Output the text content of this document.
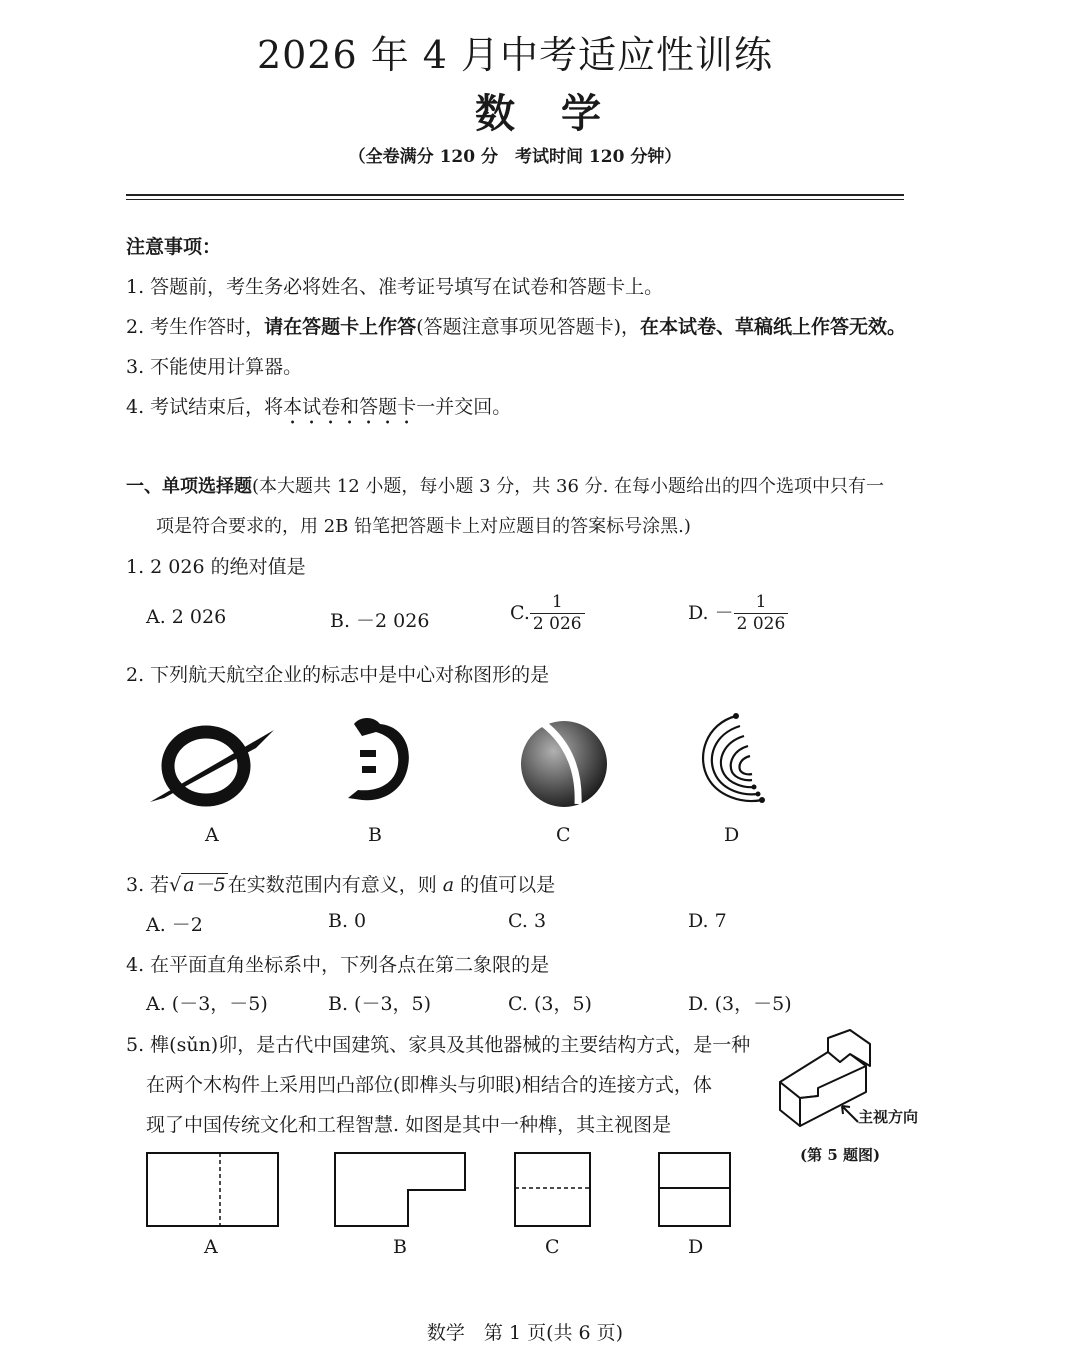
2026 年 4 月中考适应性训练
数学
（全卷满分 120 分　考试时间 120 分钟）
注意事项：
1. 答题前，考生务必将姓名、准考证号填写在试卷和答题卡上。
2. 考生作答时，请在答题卡上作答(答题注意事项见答题卡)，在本试卷、草稿纸上作答无效。
3. 不能使用计算器。
4. 考试结束后，将本试卷和答题卡一并交回。
一、单项选择题(本大题共 12 小题，每小题 3 分，共 36 分. 在每小题给出的四个选项中只有一
项是符合要求的，用 2B 铅笔把答题卡上对应题目的答案标号涂黑.)
1. 2 026 的绝对值是
A. 2 026	B. －2 026	C. $\frac{1}{2 026}$	D. － $\frac{1}{2 026}$
2. 下列航天航空企业的标志中是中心对称图形的是
A	B	C	D
3. 若√ a－5 在实数范围内有意义，则 a 的值可以是
A. －2	B. 0	C. 3	D. 7
4. 在平面直角坐标系中，下列各点在第二象限的是
A. (－3，－5)	B. (－3，5)	C. (3，5)	D. (3，－5)
5. 榫(sǔn)卯，是古代中国建筑、家具及其他器械的主要结构方式，是一种
在两个木构件上采用凹凸部位(即榫头与卯眼)相结合的连接方式，体
现了中国传统文化和工程智慧. 如图是其中一种榫，其主视图是	主视方向
(第 5 题图)
A	B	C	D
数学　第 1 页(共 6 页)
